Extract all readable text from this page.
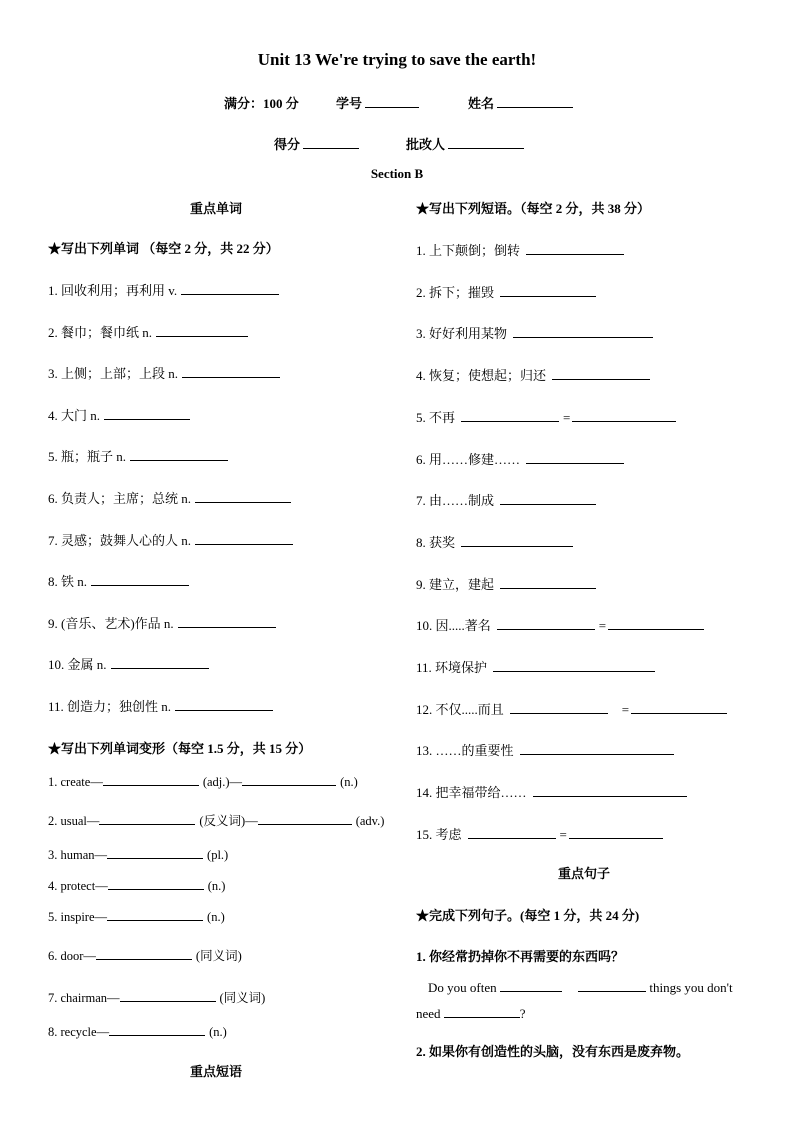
Unit 13 We're trying to save the earth!
满分：100 分	学号	姓名
得分	批改人
Section B
重点单词
★写出下列单词 （每空 2 分，共 22 分）
1. 回收利用；再利用 v.
2. 餐巾；餐巾纸 n.
3. 上侧；上部；上段 n.
4. 大门 n.
5. 瓶；瓶子 n.
6. 负责人；主席；总统 n.
7. 灵感；鼓舞人心的人 n.
8. 铁 n.
9. (音乐、艺术)作品 n.
10. 金属 n.
11. 创造力；独创性 n.
★写出下列单词变形（每空 1.5 分，共 15 分）
1. create—	(adj.)—	(n.)
2. usual—	(反义词)—	(adv.)
3. human—	(pl.)
4. protect—	(n.)
5. inspire—	(n.)
6. door—	(同义词)
7. chairman—	(同义词)
8. recycle—	(n.)
重点短语
★写出下列短语。（每空 2 分，共 38 分）
1. 上下颠倒；倒转
2. 拆下；摧毁
3. 好好利用某物
4. 恢复；使想起；归还
5. 不再	=
6. 用……修建……
7. 由……制成
8. 获奖
9. 建立，建起
10. 因.....著名	=
11. 环境保护
12. 不仅.....而且	=
13. ……的重要性
14. 把幸福带给……
15. 考虑	=
重点句子
★完成下列句子。(每空 1 分，共 24 分)
1. 你经常扔掉你不再需要的东西吗？
Do you often	things you don't
need	?
2. 如果你有创造性的头脑，没有东西是废弃物。
